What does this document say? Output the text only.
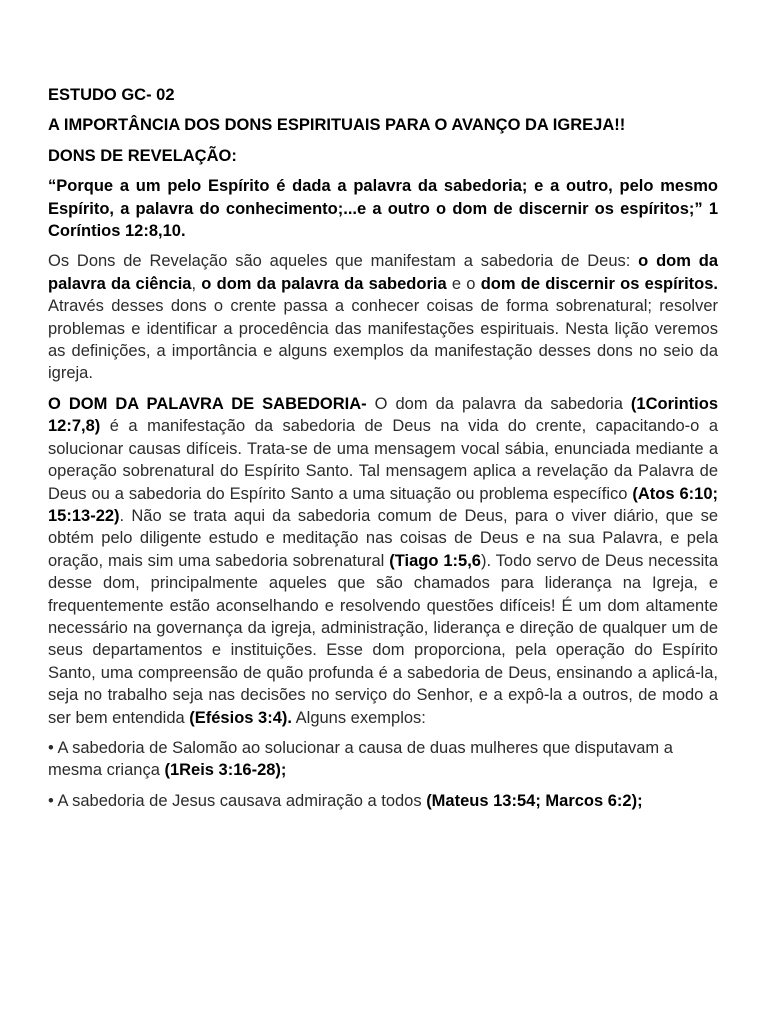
ESTUDO GC- 02
A IMPORTÂNCIA DOS DONS ESPIRITUAIS PARA O AVANÇO DA IGREJA!!
DONS DE REVELAÇÃO:
“Porque a um pelo Espírito é dada a palavra da sabedoria; e a outro, pelo mesmo Espírito, a palavra do conhecimento;...e a outro o dom de discernir os espíritos;” 1 Coríntios 12:8,10.

Os Dons de Revelação são aqueles que manifestam a sabedoria de Deus: o dom da palavra da ciência, o dom da palavra da sabedoria e o dom de discernir os espíritos. Através desses dons o crente passa a conhecer coisas de forma sobrenatural; resolver problemas e identificar a procedência das manifestações espirituais. Nesta lição veremos as definições, a importância e alguns exemplos da manifestação desses dons no seio da igreja.

O DOM DA PALAVRA DE SABEDORIA- O dom da palavra da sabedoria (1Corintios 12:7,8) é a manifestação da sabedoria de Deus na vida do crente, capacitando-o a solucionar causas difíceis. Trata-se de uma mensagem vocal sábia, enunciada mediante a operação sobrenatural do Espírito Santo. Tal mensagem aplica a revelação da Palavra de Deus ou a sabedoria do Espírito Santo a uma situação ou problema específico (Atos 6:10; 15:13-22). Não se trata aqui da sabedoria comum de Deus, para o viver diário, que se obtém pelo diligente estudo e meditação nas coisas de Deus e na sua Palavra, e pela oração, mais sim uma sabedoria sobrenatural (Tiago 1:5,6). Todo servo de Deus necessita desse dom, principalmente aqueles que são chamados para liderança na Igreja, e frequentemente estão aconselhando e resolvendo questões difíceis! É um dom altamente necessário na governança da igreja, administração, liderança e direção de qualquer um de seus departamentos e instituições. Esse dom proporciona, pela operação do Espírito Santo, uma compreensão de quão profunda é a sabedoria de Deus, ensinando a aplicá-la, seja no trabalho seja nas decisões no serviço do Senhor, e a expô-la a outros, de modo a ser bem entendida (Efésios 3:4). Alguns exemplos:

• A sabedoria de Salomão ao solucionar a causa de duas mulheres que disputavam a mesma criança (1Reis 3:16-28);

• A sabedoria de Jesus causava admiração a todos (Mateus 13:54; Marcos 6:2);
